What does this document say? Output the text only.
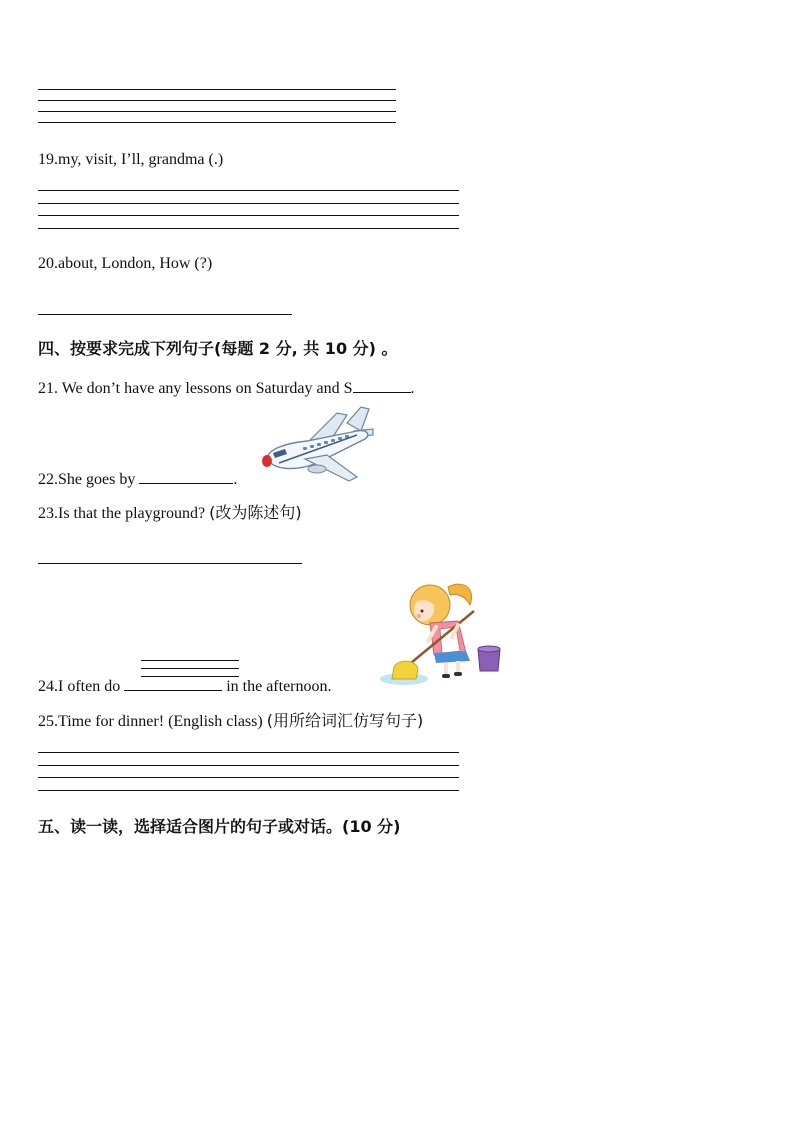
19.my, visit, I’ll, grandma (.)
20.about, London, How (?)
四、按要求完成下列句子(每题 2 分, 共 10 分) 。
21. We don’t have any lessons on Saturday and S	.
22.She goes by	.
23.Is that the playground? (改为陈述句)
24.I often do	in the afternoon.
25.Time for dinner! (English class) (用所给词汇仿写句子)
五、读一读，选择适合图片的句子或对话。(10 分)
